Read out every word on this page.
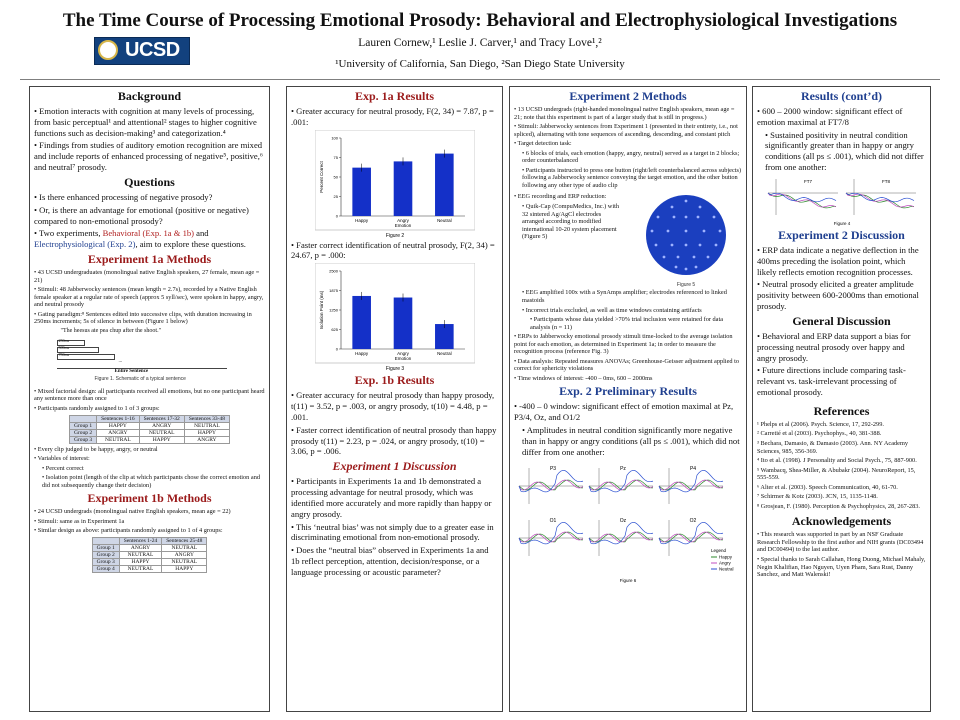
The Time Course of Processing Emotional Prosody: Behavioral and Electrophysiological Investigations
UCSD	Lauren Cornew,¹ Leslie J. Carver,¹ and Tracy Love¹,²
¹University of California, San Diego, ²San Diego State University
Background

• Emotion interacts with cognition at many levels of processing, from basic perceptual¹ and attentional² stages to higher cognitive functions such as decision-making³ and categorization.⁴

• Findings from studies of auditory emotion recognition are mixed and include reports of enhanced processing of negative⁵, positive,⁶ and neutral⁷ prosody.

Questions

• Is there enhanced processing of negative prosody?

• Or, is there an advantage for emotional (positive or negative) compared to non-emotional prosody?

• Two experiments, Behavioral (Exp. 1a & 1b) and Electrophysiological (Exp. 2), aim to explore these questions.

Experiment 1a Methods

• 43 UCSD undergraduates (monolingual native English speakers, 27 female, mean age = 21)

• Stimuli: 48 Jabberwocky sentences (mean length = 2.7s), recorded by a Native English female speaker at a regular rate of speech (approx 5 syll/sec), were spoken in happy, angry, and neutral prosody

• Gating paradigm:⁸ Sentences edited into successive clips, with duration increasing in 250ms increments; 5s of silence in between (Figure 1 below)

"The heesus ate pea chup after the shoot."
250ms
500ms
750ms
...
Entire Sentence
Figure 1. Schematic of a typical sentence

• Mixed factorial design: all participants received all emotions, but no one participant heard any sentence more than once

• Participants randomly assigned to 1 of 3 groups:

	Sentences 1-16	Sentences 17-32	Sentences 33-48
Group 1	HAPPY	ANGRY	NEUTRAL
Group 2	ANGRY	NEUTRAL	HAPPY
Group 3	NEUTRAL	HAPPY	ANGRY

• Every clip judged to be happy, angry, or neutral

• Variables of interest:

• Percent correct

• Isolation point (length of the clip at which participants chose the correct emotion and did not subsequently change their decision)

Experiment 1b Methods

• 24 UCSD undergrads (monolingual native English speakers, mean age = 22)

• Stimuli: same as in Experiment 1a

• Similar design as above: participants randomly assigned to 1 of 4 groups:

	Sentences 1-24	Sentences 25-48
Group 1	ANGRY	NEUTRAL
Group 2	NEUTRAL	ANGRY
Group 3	HAPPY	NEUTRAL
Group 4	NEUTRAL	HAPPY
Exp. 1a Results

• Greater accuracy for neutral prosody, F(2, 34) = 7.87, p = .001:

0
25
50
75
100
Happy	Angry	Neutral
Emotion
Percent Correct
Figure 2

• Faster correct identification of neutral prosody, F(2, 34) = 24.67, p = .000:

0
625
1250
1875
2500
Happy	Angry	Neutral
Emotion
Isolation Point (ms)
Figure 3
Exp. 1b Results

• Greater accuracy for neutral prosody than happy prosody, t(11) = 3.52, p = .003, or angry prosody, t(10) = 4.48, p = .001.

• Faster correct identification of neutral prosody than happy prosody t(11) = 2.23, p = .024, or angry prosody, t(10) = 3.06, p = .006.

Experiment 1 Discussion

• Participants in Experiments 1a and 1b demonstrated a processing advantage for neutral prosody, which was identified more accurately and more rapidly than happy or angry prosody.

• This ‘neutral bias’ was not simply due to a greater ease in discriminating emotional from non-emotional prosody.

• Does the “neutral bias” observed in Experiments 1a and 1b reflect perception, attention, decision/response, or a language processing or acoustic parameter?

Experiment 2 Methods

• 13 UCSD undergrads (right-handed monolingual native English speakers, mean age = 21; note that this experiment is part of a larger study that is still in progress.)

• Stimuli: Jabberwocky sentences from Experiment 1 (presented in their entirety, i.e., not spliced), alternating with tone sequences of ascending, descending, and constant pitch

• Target detection task:

• 6 blocks of trials, each emotion (happy, angry, neutral) served as a target in 2 blocks; order counterbalanced

• Participants instructed to press one button (right/left counterbalanced across subjects) following a Jabberwocky sentence conveying the target emotion, and the other button following any other type of audio clip

• EEG recording and ERP reduction:

• Quik-Cap (CompuMedics, Inc.) with 32 sintered Ag/AgCl electrodes arranged according to modified international 10-20 system placement (Figure 5)

Figure 5

• EEG amplified 100x with a SynAmps amplifier; electrodes referenced to linked mastoids

• Incorrect trials excluded, as well as time windows containing artifacts

• Participants whose data yielded >70% trial inclusion were retained for data analysis (n = 11)

• ERPs to Jabberwocky emotional prosody stimuli time-locked to the average isolation point for each emotion, as determined in Experiment 1a; in order to measure the recognition process (reference Fig. 3)

• Data analysis: Repeated measures ANOVAs; Greenhouse-Geisser adjustment applied to correct for sphericity violations

• Time windows of interest: -400 – 0ms, 600 – 2000ms

Exp. 2 Preliminary Results

• -400 – 0 window: significant effect of emotion maximal at Pz, P3/4, Oz, and O1/2

• Amplitudes in neutral condition significantly more negative than in happy or angry conditions (all ps ≤ .001), which did not differ from one another:

P3	Pz	P4
O1	Oz	O2
Legend
Happy
Angry
Neutral
Figure 6
Results (cont’d)

• 600 – 2000 window: significant effect of emotion maximal at FT7/8

• Sustained positivity in neutral condition significantly greater than in happy or angry conditions (all ps ≤ .001), which did not differ from one another:

FT7	FT8
Figure 4
Experiment 2 Discussion

• ERP data indicate a negative deflection in the 400ms preceding the isolation point, which likely reflects emotion recognition processes.

• Neutral prosody elicited a greater amplitude positivity between 600-2000ms than emotional prosody.

General Discussion

• Behavioral and ERP data support a bias for processing neutral prosody over happy and angry prosody.

• Future directions include comparing task-relevant vs. task-irrelevant processing of emotional prosody.

References

¹ Phelps et al (2006). Psych. Science, 17, 292-299.

² Carretié et al (2003). Psychophys., 40, 381-388.

³ Bechara, Damasio, & Damasio (2003). Ann. NY Academy Sciences, 985, 356-369.

⁴ Ito et al. (1998). J Personality and Social Psych., 75, 887-900.

⁵ Wambacq, Shea-Miller, & Abubakr (2004). NeuroReport, 15, 555-559.

⁶ Alter et al. (2003). Speech Communication, 40, 61-70.

⁷ Schirmer & Kotz (2003). JCN, 15, 1135-1148.

⁸ Grosjean, F. (1980). Perception & Psychophysics, 28, 267-283.

Acknowledgements

• This research was supported in part by an NSF Graduate Research Fellowship to the first author and NIH grants (DC03494 and DC00494) to the last author.

• Special thanks to Sarah Callahan, Hong Duong, Michael Mahaly, Negin Khalifian, Hao Nguyen, Uyen Pham, Sara Rust, Danny Sanchez, and Matt Walenski!
